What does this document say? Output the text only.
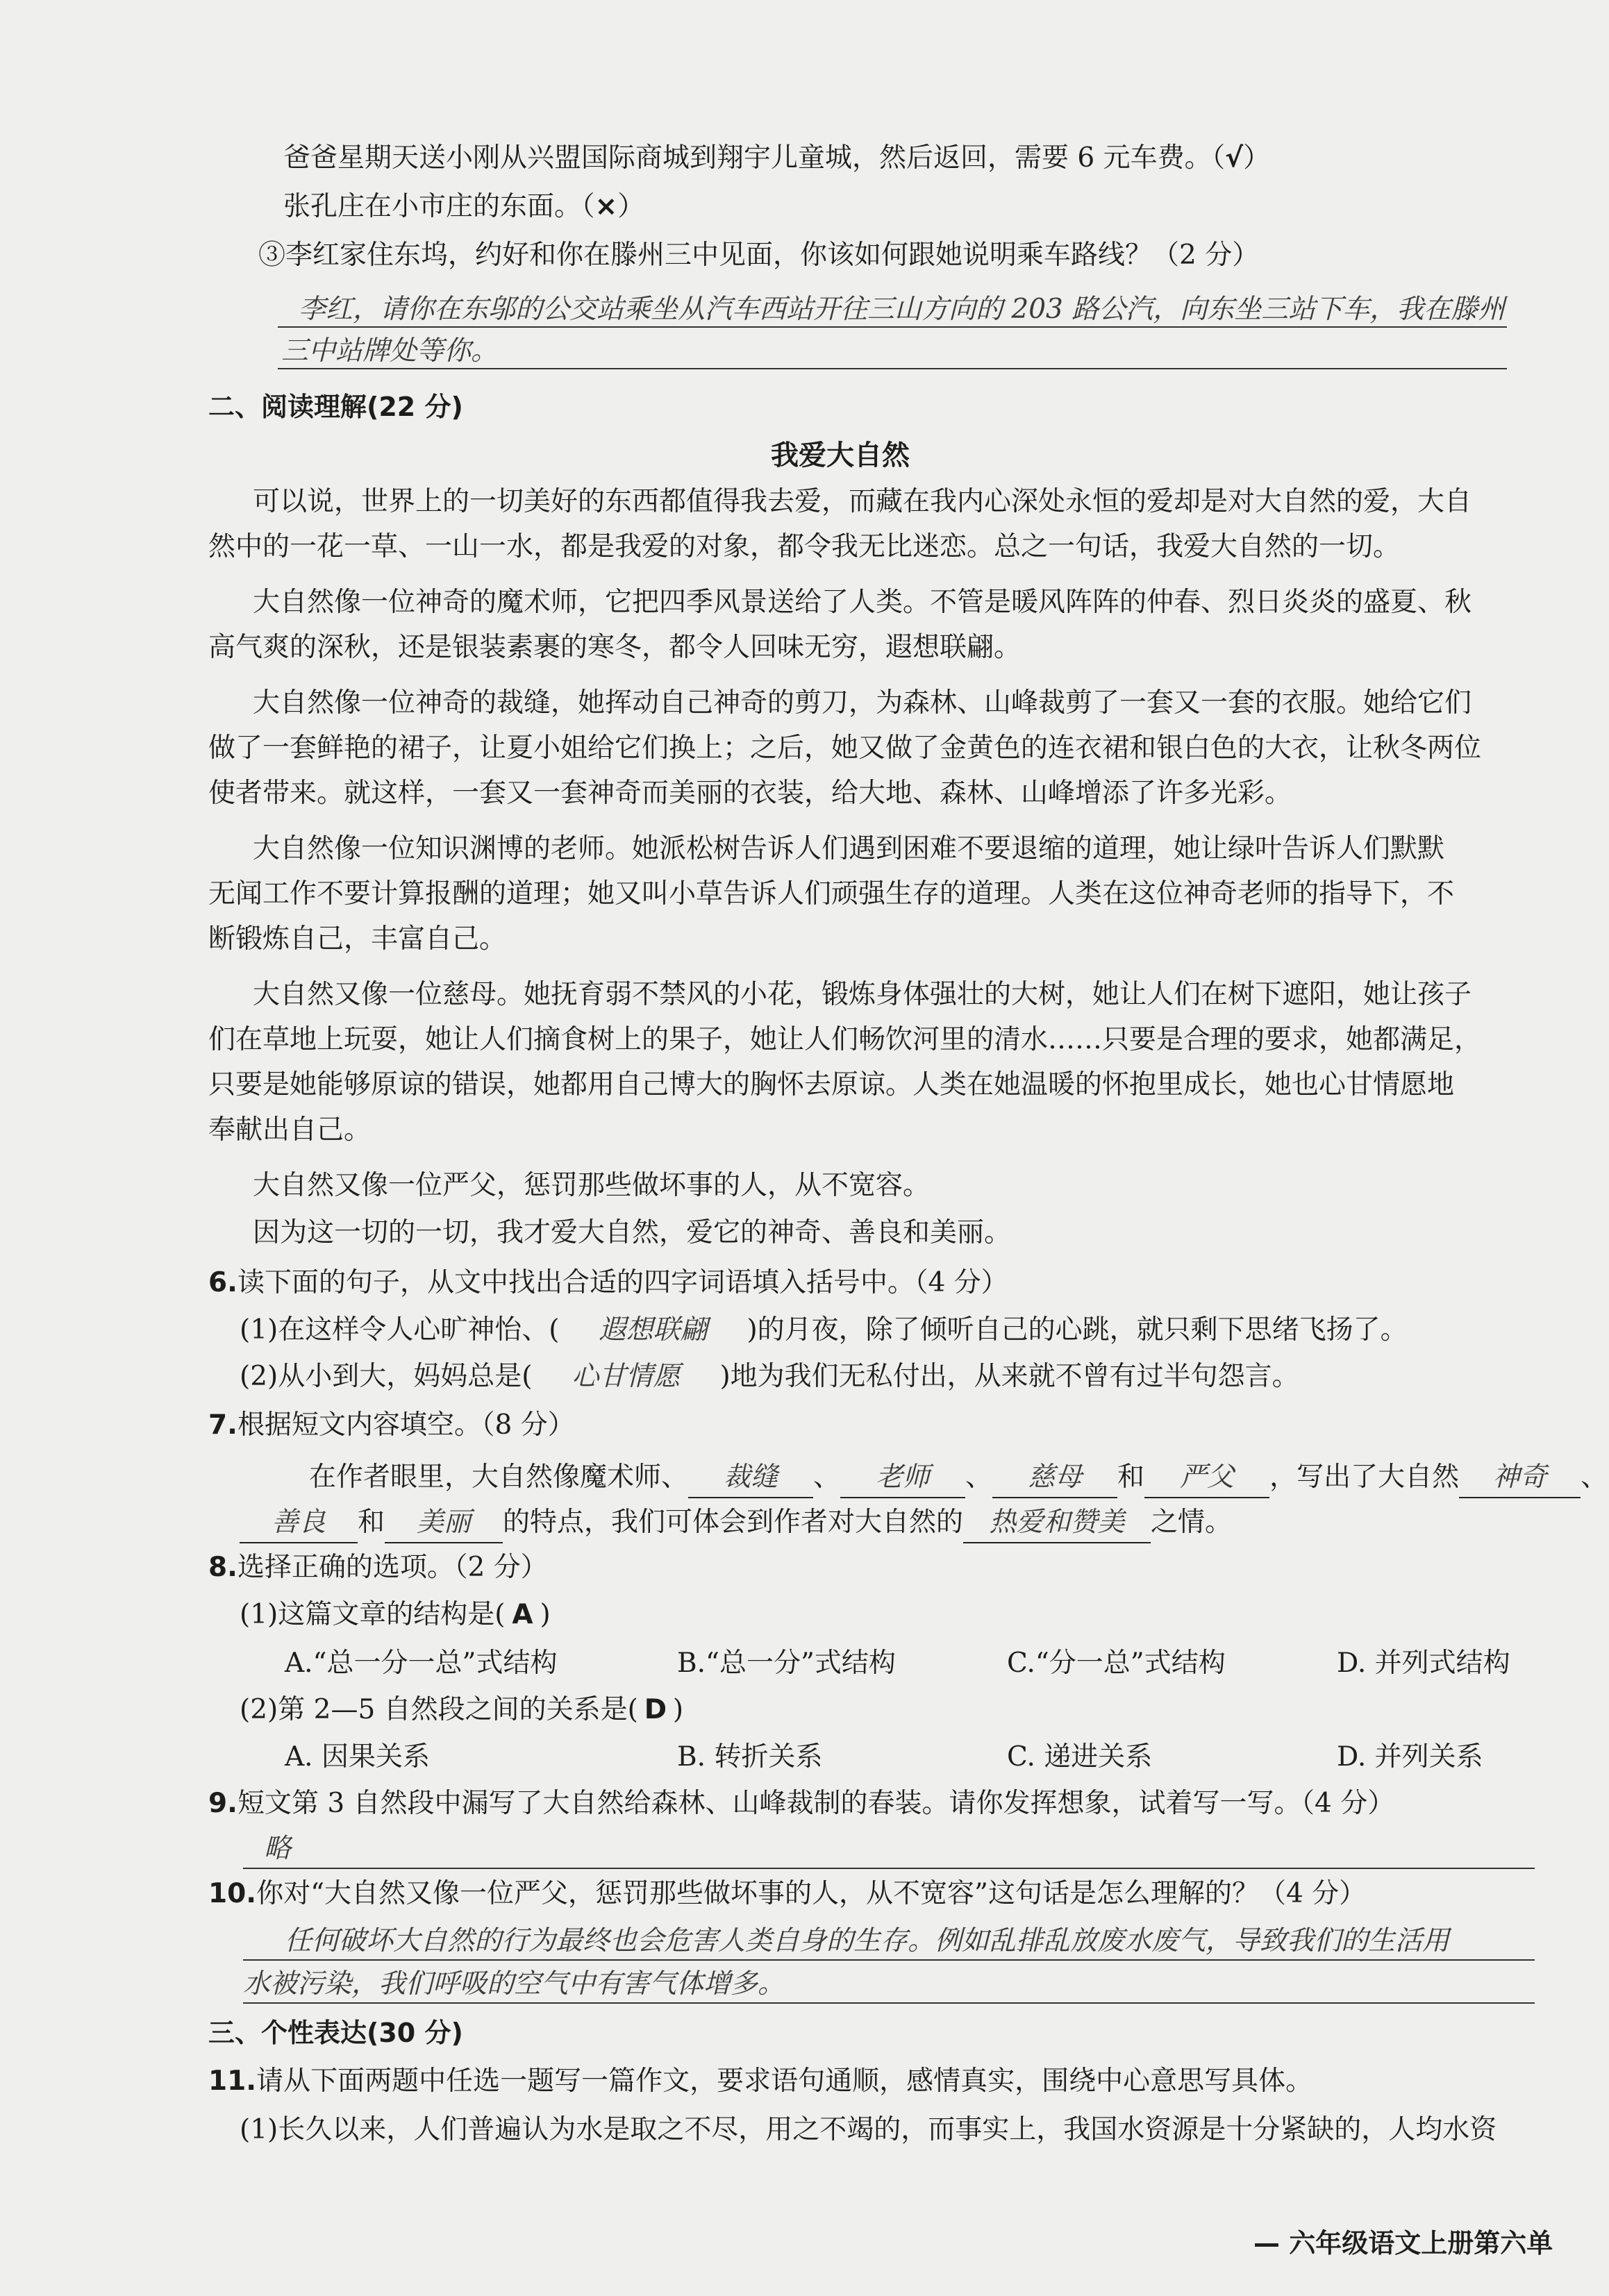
爸爸星期天送小刚从兴盟国际商城到翔宇儿童城，然后返回，需要 6 元车费。（√）
张孔庄在小市庄的东面。（×）
③李红家住东坞，约好和你在滕州三中见面，你该如何跟她说明乘车路线？（2 分）
李红，请你在东邬的公交站乘坐从汽车西站开往三山方向的 203 路公汽，向东坐三站下车，我在滕州
三中站牌处等你。
二、阅读理解(22 分)
我爱大自然
可以说，世界上的一切美好的东西都值得我去爱，而藏在我内心深处永恒的爱却是对大自然的爱，大自
然中的一花一草、一山一水，都是我爱的对象，都令我无比迷恋。总之一句话，我爱大自然的一切。
大自然像一位神奇的魔术师，它把四季风景送给了人类。不管是暖风阵阵的仲春、烈日炎炎的盛夏、秋
高气爽的深秋，还是银装素裹的寒冬，都令人回味无穷，遐想联翩。
大自然像一位神奇的裁缝，她挥动自己神奇的剪刀，为森林、山峰裁剪了一套又一套的衣服。她给它们
做了一套鲜艳的裙子，让夏小姐给它们换上；之后，她又做了金黄色的连衣裙和银白色的大衣，让秋冬两位
使者带来。就这样，一套又一套神奇而美丽的衣装，给大地、森林、山峰增添了许多光彩。
大自然像一位知识渊博的老师。她派松树告诉人们遇到困难不要退缩的道理，她让绿叶告诉人们默默
无闻工作不要计算报酬的道理；她又叫小草告诉人们顽强生存的道理。人类在这位神奇老师的指导下，不
断锻炼自己，丰富自己。
大自然又像一位慈母。她抚育弱不禁风的小花，锻炼身体强壮的大树，她让人们在树下遮阳，她让孩子
们在草地上玩耍，她让人们摘食树上的果子，她让人们畅饮河里的清水……只要是合理的要求，她都满足，
只要是她能够原谅的错误，她都用自己博大的胸怀去原谅。人类在她温暖的怀抱里成长，她也心甘情愿地
奉献出自己。
大自然又像一位严父，惩罚那些做坏事的人，从不宽容。
因为这一切的一切，我才爱大自然，爱它的神奇、善良和美丽。
6.读下面的句子，从文中找出合适的四字词语填入括号中。（4 分）
(1)在这样令人心旷神怡、( 遐想联翩 )的月夜，除了倾听自己的心跳，就只剩下思绪飞扬了。
(2)从小到大，妈妈总是( 心甘情愿 )地为我们无私付出，从来就不曾有过半句怨言。
7.根据短文内容填空。（8 分）
在作者眼里，大自然像魔术师、 裁缝 、 老师 、 慈母 和 严父 ，写出了大自然 神奇 、
善良 和 美丽 的特点，我们可体会到作者对大自然的 热爱和赞美 之情。
8.选择正确的选项。（2 分）
(1)这篇文章的结构是( A )
A.“总一分一总”式结构	B.“总一分”式结构	C.“分一总”式结构	D. 并列式结构
(2)第 2—5 自然段之间的关系是( D )
A. 因果关系	B. 转折关系	C. 递进关系	D. 并列关系
9.短文第 3 自然段中漏写了大自然给森林、山峰裁制的春装。请你发挥想象，试着写一写。（4 分）
略
10.你对“大自然又像一位严父，惩罚那些做坏事的人，从不宽容”这句话是怎么理解的？（4 分）
任何破坏大自然的行为最终也会危害人类自身的生存。例如乱排乱放废水废气，导致我们的生活用
水被污染，我们呼吸的空气中有害气体增多。
三、个性表达(30 分)
11.请从下面两题中任选一题写一篇作文，要求语句通顺，感情真实，围绕中心意思写具体。
(1)长久以来，人们普遍认为水是取之不尽，用之不竭的，而事实上，我国水资源是十分紧缺的，人均水资
— 六年级语文上册第六单
